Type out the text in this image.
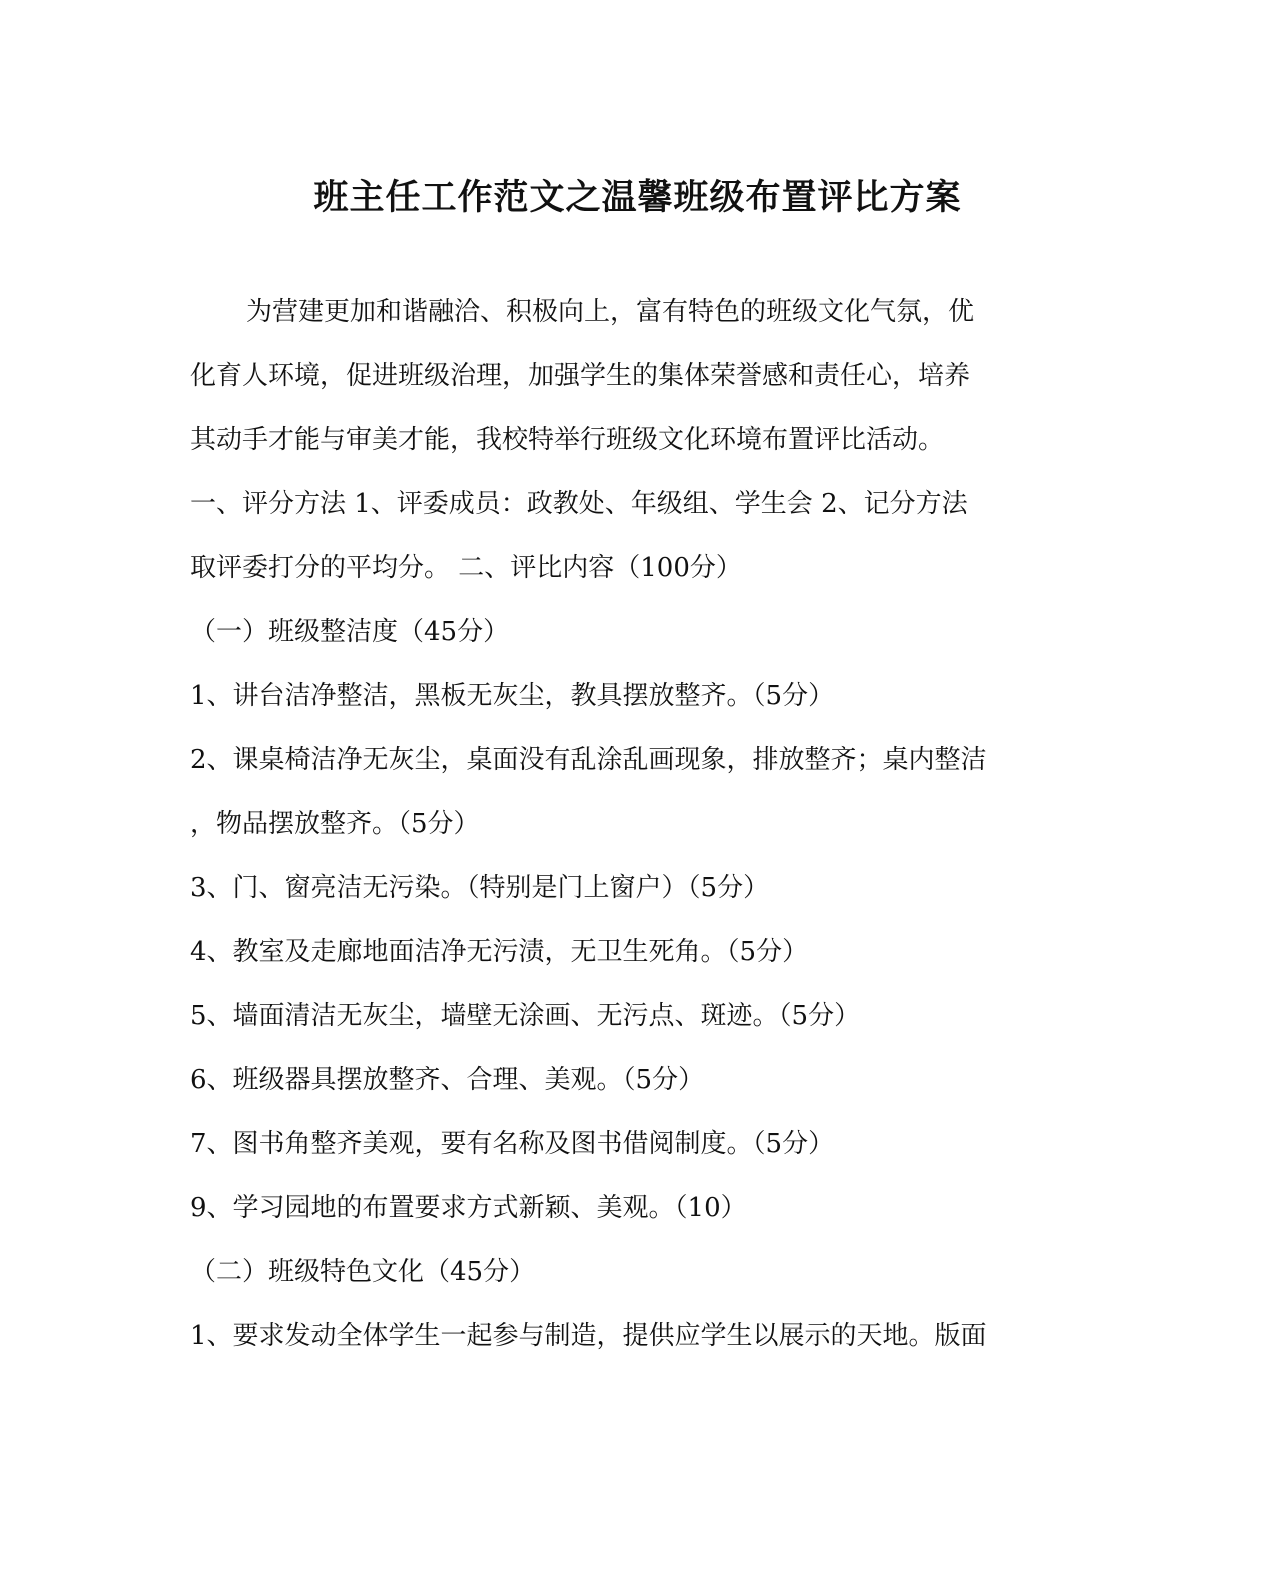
班主任工作范文之温馨班级布置评比方案
为营建更加和谐融洽、积极向上，富有特色的班级文化气氛，优
化育人环境，促进班级治理，加强学生的集体荣誉感和责任心，培养
其动手才能与审美才能，我校特举行班级文化环境布置评比活动。
一、评分方法 1、评委成员：政教处、年级组、学生会 2、记分方法
取评委打分的平均分。 二、评比内容（100分）
（一）班级整洁度（45分）
1、讲台洁净整洁，黑板无灰尘，教具摆放整齐。（5分）
2、课桌椅洁净无灰尘，桌面没有乱涂乱画现象，排放整齐；桌内整洁
，物品摆放整齐。（5分）
3、门、窗亮洁无污染。（特别是门上窗户）（5分）
4、教室及走廊地面洁净无污渍，无卫生死角。（5分）
5、墙面清洁无灰尘，墙壁无涂画、无污点、斑迹。（5分）
6、班级器具摆放整齐、合理、美观。（5分）
7、图书角整齐美观，要有名称及图书借阅制度。（5分）
9、学习园地的布置要求方式新颖、美观。（10）
（二）班级特色文化（45分）
1、要求发动全体学生一起参与制造，提供应学生以展示的天地。版面
